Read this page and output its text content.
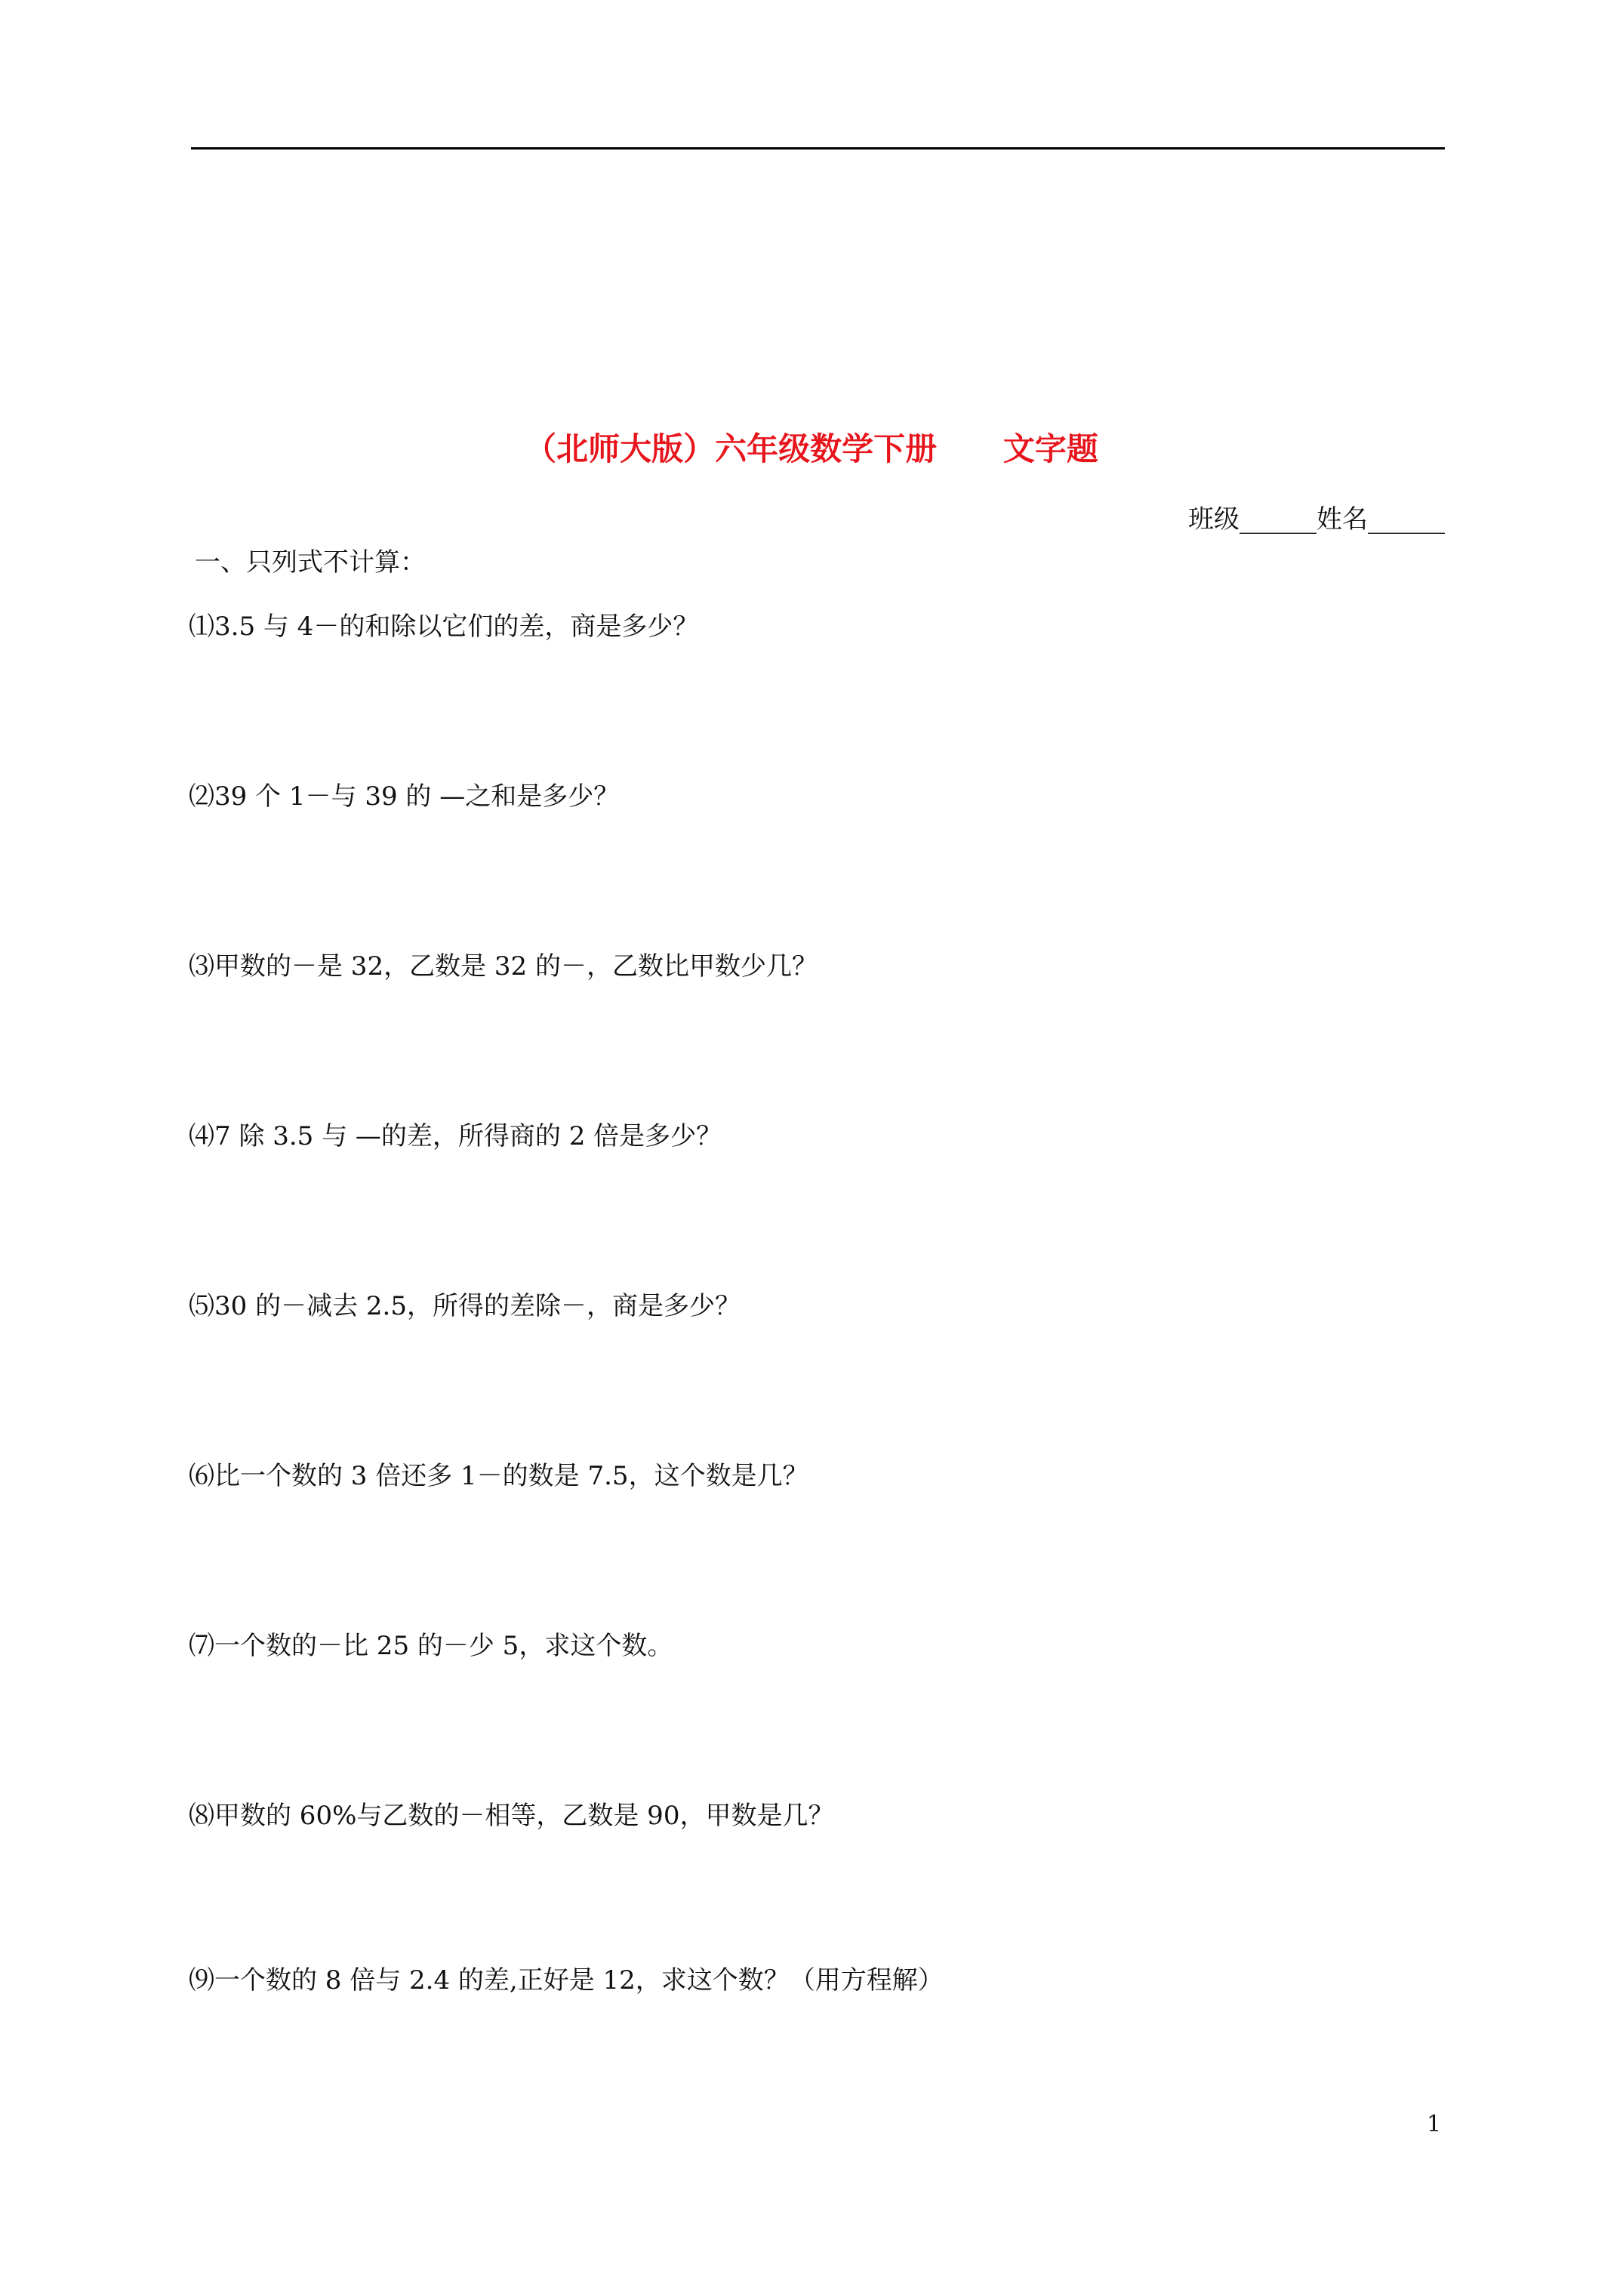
（北师大版）六年级数学下册      文字题
班级______姓名______
一、只列式不计算：
⑴3.5 与 4－的和除以它们的差，商是多少？
⑵39 个 1－与 39 的 —之和是多少？
⑶甲数的－是 32，乙数是 32 的－，乙数比甲数少几？
⑷7 除 3.5 与 —的差，所得商的 2 倍是多少？
⑸30 的－减去 2.5，所得的差除－，商是多少？
⑹比一个数的 3 倍还多 1－的数是 7.5，这个数是几？
⑺一个数的－比 25 的－少 5，求这个数。
⑻甲数的 60%与乙数的－相等，乙数是 90，甲数是几？
⑼一个数的 8 倍与 2.4 的差,正好是 12，求这个数？（用方程解）
1
